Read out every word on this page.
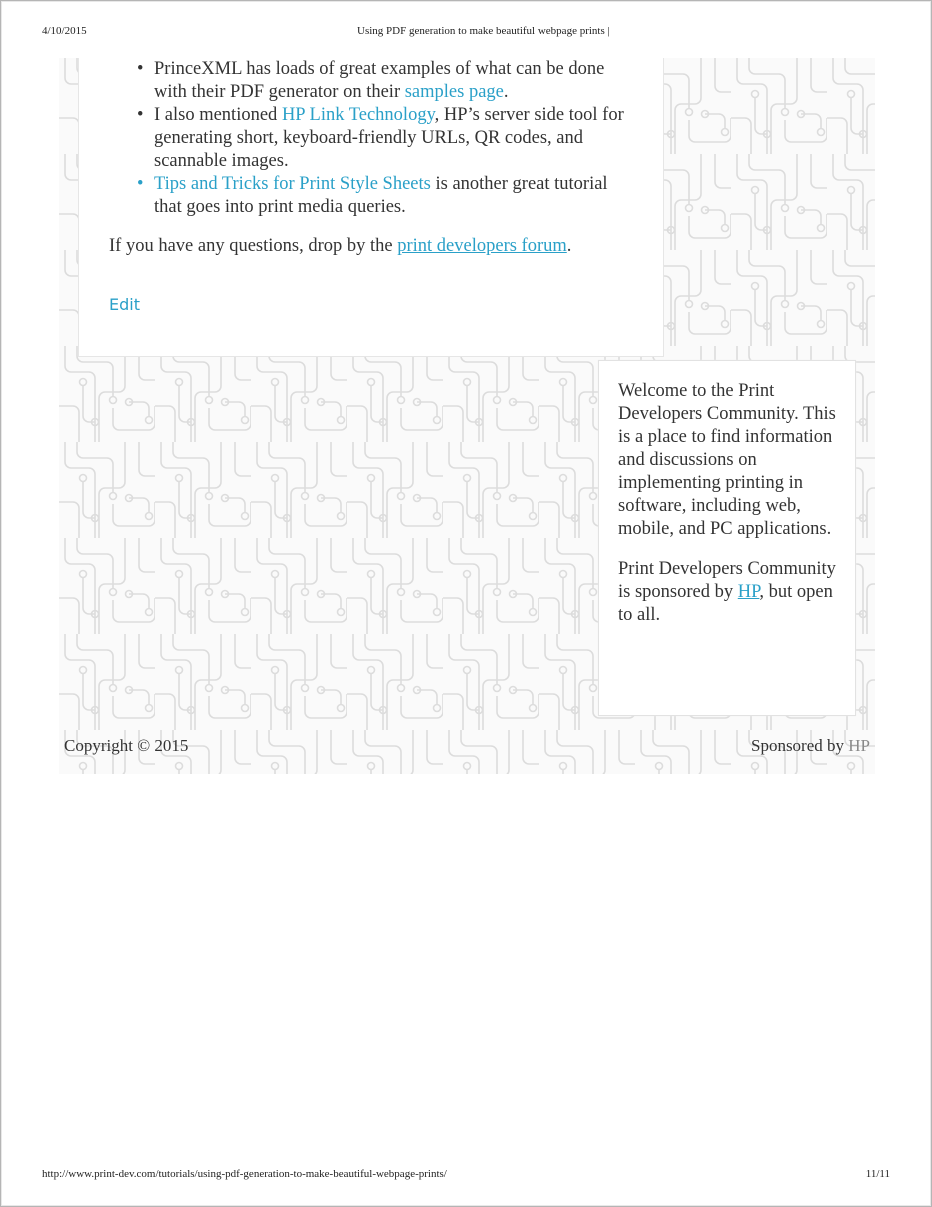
4/10/2015	Using PDF generation to make beautiful webpage prints |
• PrinceXML has loads of great examples of what can be done with their PDF generator on their samples page.
• I also mentioned HP Link Technology, HP’s server side tool for generating short, keyboard-friendly URLs, QR codes, and scannable images.
• Tips and Tricks for Print Style Sheets is another great tutorial that goes into print media queries.
If you have any questions, drop by the print developers forum.
Edit

Welcome to the Print Developers Community. This is a place to find information and discussions on implementing printing in software, including web, mobile, and PC applications.

Print Developers Community is sponsored by HP, but open to all.

Copyright © 2015	Sponsored by HP
http://www.print-dev.com/tutorials/using-pdf-generation-to-make-beautiful-webpage-prints/	11/11
